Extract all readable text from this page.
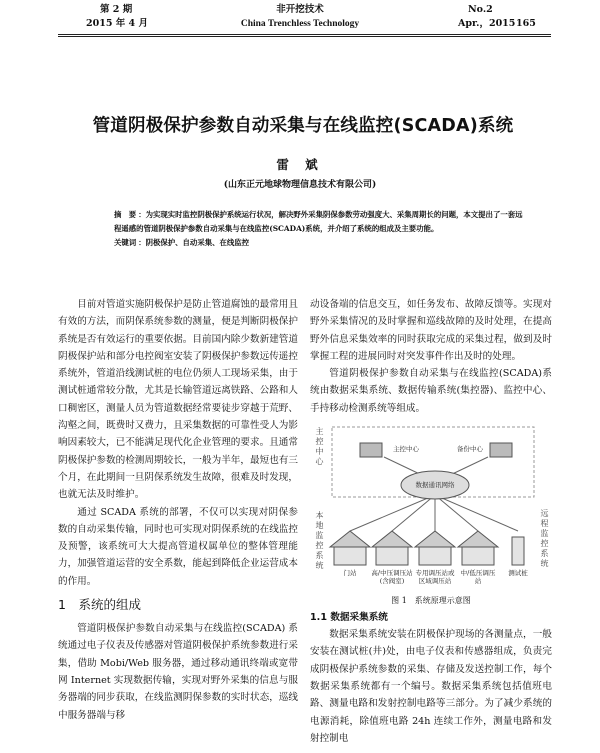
第 2 期
2015 年 4 月
非开挖技术
China Trenchless Technology
No.2
Apr.，2015 165
管道阴极保护参数自动采集与在线监控(SCADA)系统
雷 斌
(山东正元地球物理信息技术有限公司)
摘　要 ：为实现实时监控阴极保护系统运行状况，解决野外采集阴保参数劳动强度大、采集周期长的问题，本文提出了一套远程遥感的管道阴极保护参数自动采集与在线监控(SCADA)系统，并介绍了系统的组成及主要功能。
关键词 ：阴极保护、自动采集、在线监控

目前对管道实施阴极保护是防止管道腐蚀的最常用且有效的方法，而阴保系统参数的测量，便是判断阴极保护系统是否有效运行的重要依据。目前国内除少数新建管道阴极保护站和部分电控阀室安装了阴极保护参数远传遥控系统外，管道沿线测试桩的电位仍须人工现场采集，由于测试桩通常较分散，尤其是长输管道远离铁路、公路和人口稠密区，测量人员为管道数据经常要徒步穿越于荒野、沟壑之间，既费时又费力，且采集数据的可靠性受人为影响因素较大，已不能满足现代化企业管理的要求。且通常阴极保护参数的检测周期较长，一般为半年，最短也有三个月，在此期间一旦阴保系统发生故障，很难及时发现，也就无法及时维护。

通过 SCADA 系统的部署，不仅可以实现对阴保参数的自动采集传输，同时也可实现对阴保系统的在线监控及预警，该系统可大大提高管道权属单位的整体管理能力，加强管道运营的安全系数，能起到降低企业运营成本的作用。

1　系统的组成

管道阴极保护参数自动采集与在线监控(SCADA) 系统通过电子仪表及传感器对管道阴极保护系统参数进行采集，借助 Mobi/Web 服务器，通过移动通讯终端或宽带网 Internet 实现数据传输，实现对野外采集的信息与服务器端的同步获取，在线监测阴保参数的实时状态，巡线中服务器端与移

动设备端的信息交互，如任务发布、故障反馈等。实现对野外采集情况的及时掌握和巡线故障的及时处理，在提高野外信息采集效率的同时获取完成的采集过程，做到及时掌握工程的进展同时对突发事件作出及时的处理。

管道阴极保护参数自动采集与在线监控(SCADA)系统由数据采集系统、数据传输系统(集控器)、监控中心、手持移动检测系统等组成。

主控中心
本地监控系统
远程监控系统
主控中心	备份中心
数据通讯网络
门站	高/中压调压站(含阀室)
专用调压站或区域调压站
中/低压调压站
测试桩
图 1　系统原理示意图
1.1 数据采集系统

数据采集系统安装在阴极保护现场的各测量点，一般安装在测试桩(井)处，由电子仪表和传感器组成，负责完成阴极保护系统参数的采集、存储及发送控制工作，每个数据采集系统都有一个编号。数据采集系统包括值班电路、测量电路和发射控制电路等三部分。为了减少系统的电源消耗，除值班电路 24h 连续工作外，测量电路和发射控制电
